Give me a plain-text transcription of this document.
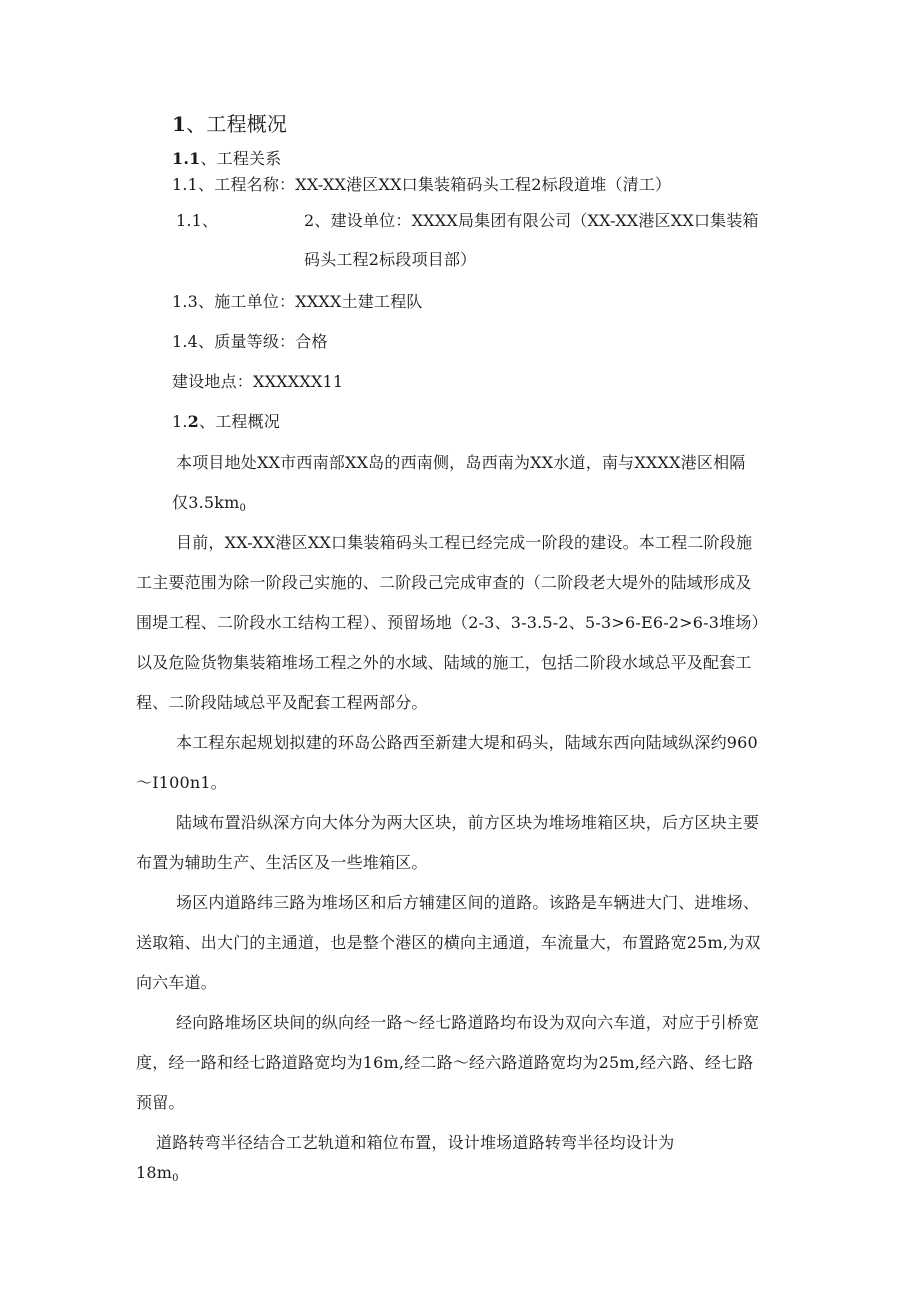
1、工程概况
1.1、工程关系
1.1、工程名称：XX-XX港区XX口集装箱码头工程2标段道堆（清工）
1.1、	2、建设单位：XXXX局集团有限公司（XX-XX港区XX口集装箱
码头工程2标段项目部）
1.3、施工单位：XXXX土建工程队
1.4、质量等级：合格
建设地点：XXXXXX11
1.2、工程概况
本项目地处XX市西南部XX岛的西南侧，岛西南为XX水道，南与XXXX港区相隔
仅$3.5km_0$
目前，XX-XX港区XX口集装箱码头工程已经完成一阶段的建设。本工程二阶段施
工主要范围为除一阶段己实施的、二阶段己完成审查的（二阶段老大堤外的陆域形成及
围堤工程、二阶段水工结构工程）、预留场地（2-3、3-3.5-2、5-3>6-E6-2>6-3堆场）
以及危险货物集装箱堆场工程之外的水域、陆域的施工，包括二阶段水域总平及配套工
程、二阶段陆域总平及配套工程两部分。
本工程东起规划拟建的环岛公路西至新建大堤和码头，陆域东西向陆域纵深约960
～I100n1。
陆域布置沿纵深方向大体分为两大区块，前方区块为堆场堆箱区块，后方区块主要
布置为辅助生产、生活区及一些堆箱区。
场区内道路纬三路为堆场区和后方辅建区间的道路。该路是车辆进大门、进堆场、
送取箱、出大门的主通道，也是整个港区的横向主通道，车流量大，布置路宽25m,为双
向六车道。
经向路堆场区块间的纵向经一路～经七路道路均布设为双向六车道，对应于引桥宽
度，经一路和经七路道路宽均为16m,经二路～经六路道路宽均为25m,经六路、经七路
预留。
道路转弯半径结合工艺轨道和箱位布置，设计堆场道路转弯半径均设计为
$18m_0$
